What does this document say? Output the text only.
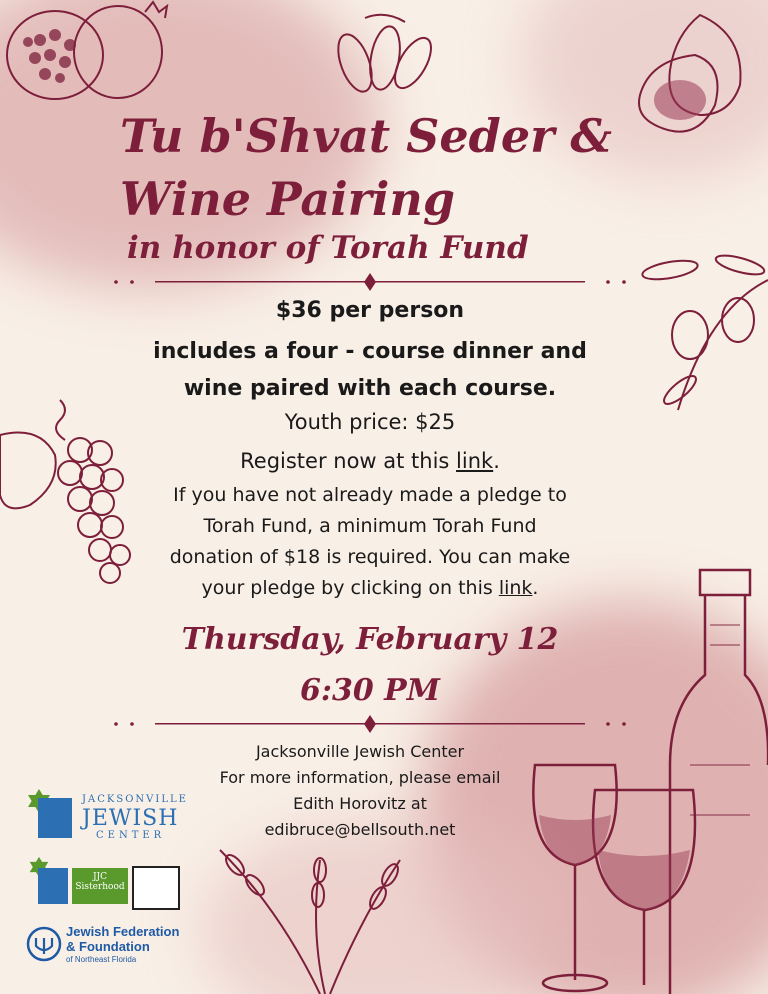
Tu b'Shvat Seder &
Wine Pairing
in honor of Torah Fund
$36 per person
includes a four - course dinner and
wine paired with each course.
Youth price: $25
Register now at this link.
If you have not already made a pledge to
Torah Fund, a minimum Torah Fund
donation of $18 is required. You can make
your pledge by clicking on this link.
Thursday, February 12
6:30 PM
Jacksonville Jewish Center
For more information, please email
Edith Horovitz at
edibruce@bellsouth.net
JACKSONVILLE
JEWISH
CENTER
JJC
Sisterhood
Jewish Federation
& Foundation
of Northeast Florida
